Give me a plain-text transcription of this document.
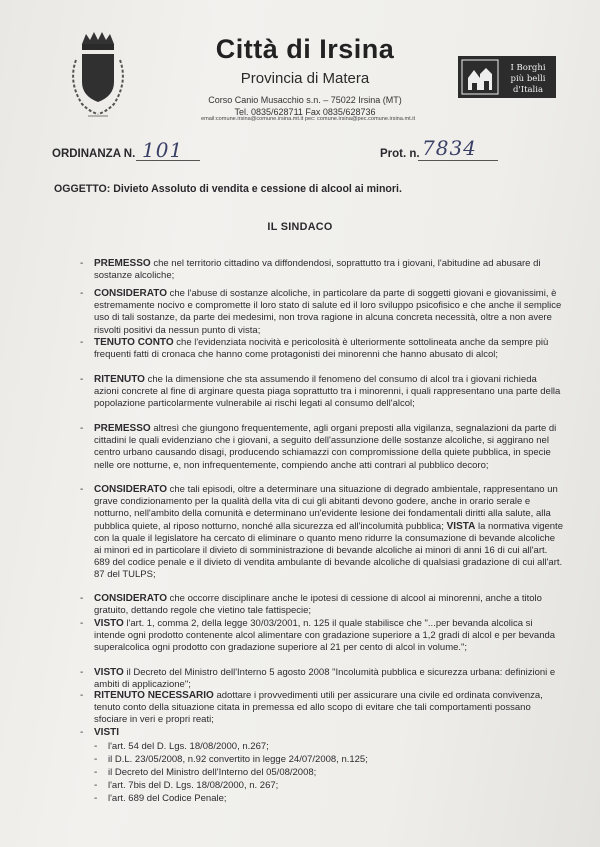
Città di Irsina
Provincia di Matera
Corso Canio Musacchio s.n. – 75022 Irsina (MT)
Tel. 0835/628711 Fax 0835/628736
email:comune.irsina@comune.irsina.mt.it pec: comune.irsina@pec.comune.irsina.mt.it
I Borghi
più belli
d'Italia
ORDINANZA N. 101	Prot. n. 7834
OGGETTO: Divieto Assoluto di vendita e cessione di alcool ai minori.
IL SINDACO
- PREMESSO che nel territorio cittadino va diffondendosi, soprattutto tra i giovani, l'abitudine ad abusare di sostanze alcoliche;
- CONSIDERATO che l'abuse di sostanze alcoliche, in particolare da parte di soggetti giovani e giovanissimi, è estremamente nocivo e compromette il loro stato di salute ed il loro sviluppo psicofisico e che anche il semplice uso di tali sostanze, da parte dei medesimi, non trova ragione in alcuna concreta necessità, oltre a non avere risvolti positivi da nessun punto di vista;
- TENUTO CONTO che l'evidenziata nocività e pericolosità è ulteriormente sottolineata anche da sempre più frequenti fatti di cronaca che hanno come protagonisti dei minorenni che hanno abusato di alcol;
- RITENUTO che la dimensione che sta assumendo il fenomeno del consumo di alcol tra i giovani richieda azioni concrete al fine di arginare questa piaga soprattutto tra i minorenni, i quali rappresentano una parte della popolazione particolarmente vulnerabile ai rischi legati al consumo dell'alcol;
- PREMESSO altresì che giungono frequentemente, agli organi preposti alla vigilanza, segnalazioni da parte di cittadini le quali evidenziano che i giovani, a seguito dell'assunzione delle sostanze alcoliche, si aggirano nel centro urbano causando disagi, producendo schiamazzi con compromissione della quiete pubblica, in specie nelle ore notturne, e, non infrequentemente, compiendo anche atti contrari al pubblico decoro;
- CONSIDERATO che tali episodi, oltre a determinare una situazione di degrado ambientale, rappresentano un grave condizionamento per la qualità della vita di cui gli abitanti devono godere, anche in orario serale e notturno, nell'ambito della comunità e determinano un'evidente lesione dei fondamentali diritti alla salute, alla pubblica quiete, al riposo notturno, nonché alla sicurezza ed all'incolumità pubblica; VISTA la normativa vigente con la quale il legislatore ha cercato di eliminare o quanto meno ridurre la consumazione di bevande alcoliche ai minori ed in particolare il divieto di somministrazione di bevande alcoliche ai minori di anni 16 di cui all'art. 689 del codice penale e il divieto di vendita ambulante di bevande alcoliche di qualsiasi gradazione di cui all'art. 87 del TULPS;
- CONSIDERATO che occorre disciplinare anche le ipotesi di cessione di alcool ai minorenni, anche a titolo gratuito, dettando regole che vietino tale fattispecie;
- VISTO l'art. 1, comma 2, della legge 30/03/2001, n. 125 il quale stabilisce che "...per bevanda alcolica si intende ogni prodotto contenente alcol alimentare con gradazione superiore a 1,2 gradi di alcol e per bevanda superalcolica ogni prodotto con gradazione superiore al 21 per cento di alcol in volume.";
- VISTO il Decreto del Ministro dell'Interno 5 agosto 2008 "Incolumità pubblica e sicurezza urbana: definizioni e ambiti di applicazione";
- RITENUTO NECESSARIO adottare i provvedimenti utili per assicurare una civile ed ordinata convivenza, tenuto conto della situazione citata in premessa ed allo scopo di evitare che tali comportamenti possano sfociare in veri e propri reati;
- VISTI
- l'art. 54 del D. Lgs. 18/08/2000, n.267;
- il D.L. 23/05/2008, n.92 convertito in legge 24/07/2008, n.125;
- il Decreto del Ministro dell'Interno del 05/08/2008;
- l'art. 7bis del D. Lgs. 18/08/2000, n. 267;
- l'art. 689 del Codice Penale;
